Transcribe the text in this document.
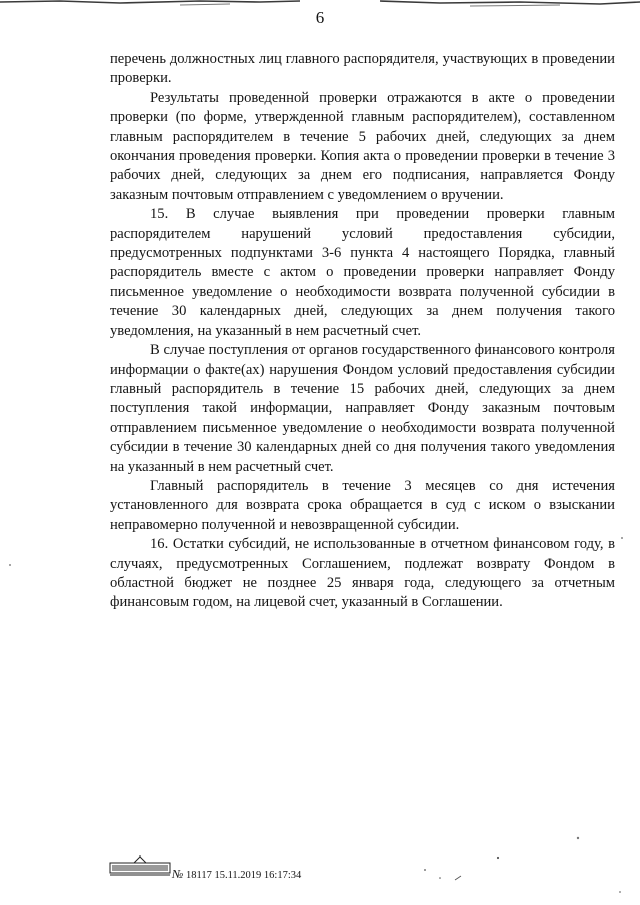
6

перечень должностных лиц главного распорядителя, участвующих в проведении проверки.

Результаты проведенной проверки отражаются в акте о проведении проверки (по форме, утвержденной главным распорядителем), составленном главным распорядителем в течение 5 рабочих дней, следующих за днем окончания проведения проверки. Копия акта о проведении проверки в течение 3 рабочих дней, следующих за днем его подписания, направляется Фонду заказным почтовым отправлением с уведомлением о вручении.

15. В случае выявления при проведении проверки главным распорядителем нарушений условий предоставления субсидии, предусмотренных подпунктами 3-6 пункта 4 настоящего Порядка, главный распорядитель вместе с актом о проведении проверки направляет Фонду письменное уведомление о необходимости возврата полученной субсидии в течение 30 календарных дней, следующих за днем получения такого уведомления, на указанный в нем расчетный счет.

В случае поступления от органов государственного финансового контроля информации о факте(ах) нарушения Фондом условий предоставления субсидии главный распорядитель в течение 15 рабочих дней, следующих за днем поступления такой информации, направляет Фонду заказным почтовым отправлением письменное уведомление о необходимости возврата полученной субсидии в течение 30 календарных дней со дня получения такого уведомления на указанный в нем расчетный счет.

Главный распорядитель в течение 3 месяцев со дня истечения установленного для возврата срока обращается в суд с иском о взыскании неправомерно полученной и невозвращенной субсидии.

16. Остатки субсидий, не использованные в отчетном финансовом году, в случаях, предусмотренных Соглашением, подлежат возврату Фондом в областной бюджет не позднее 25 января года, следующего за отчетным финансовым годом, на лицевой счет, указанный в Соглашении.

№ 18117 15.11.2019 16:17:34
